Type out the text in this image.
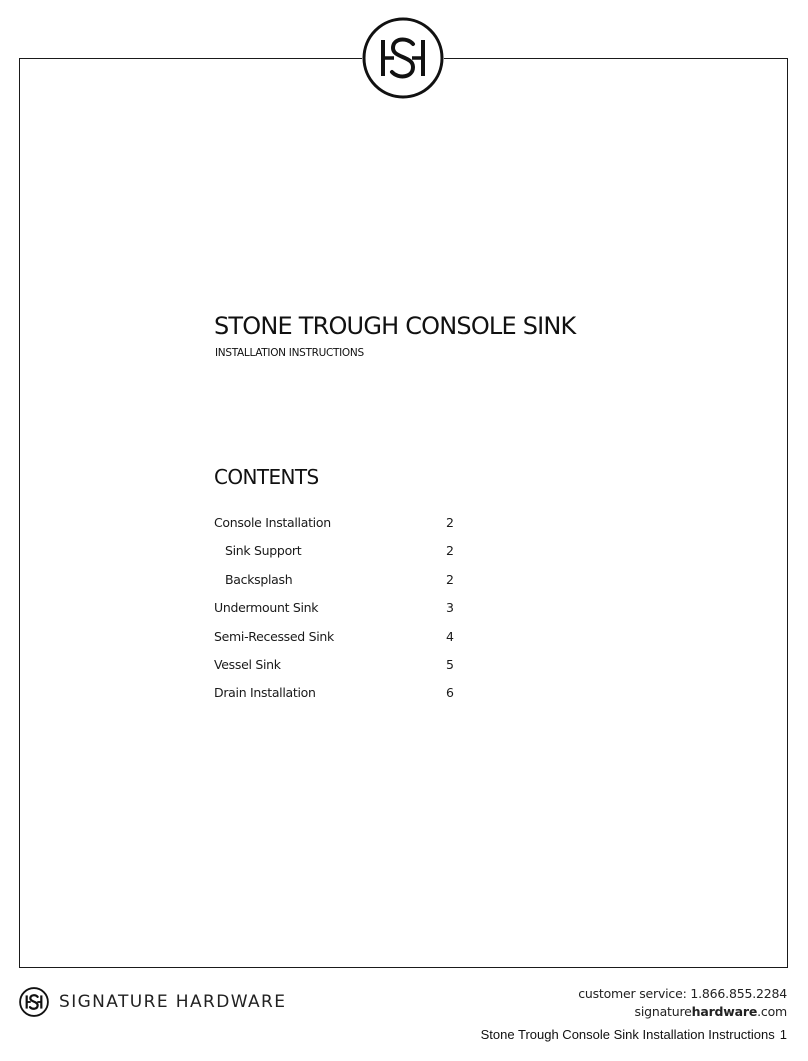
STONE TROUGH CONSOLE SINK
INSTALLATION INSTRUCTIONS
CONTENTS
Console Installation	2
Sink Support	2
Backsplash	2
Undermount Sink	3
Semi-Recessed Sink	4
Vessel Sink	5
Drain Installation	6
SIGNATURE HARDWARE	customer service: 1.866.855.2284
signaturehardware.com
Stone Trough Console Sink Installation Instructions 1
